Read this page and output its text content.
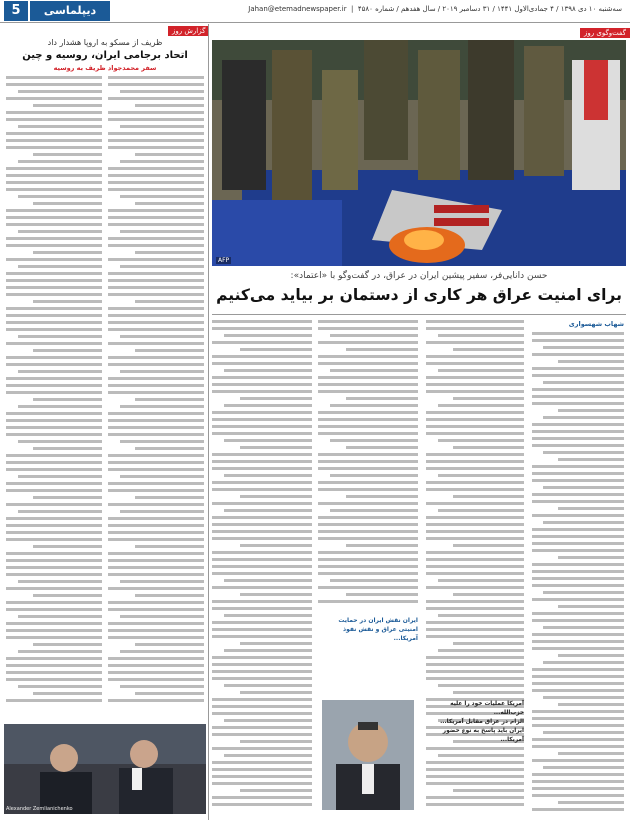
5	دیپلماسی	سه‌شنبه ۱۰ دی ۱۳۹۸ / ۴ جمادی‌الاول ۱۴۴۱ / ۳۱ دسامبر ۲۰۱۹ / سال هفدهم / شماره ۴۵۸۰  |  Jahan@etemadnewspaper.ir
گزارش روز
ظریف از مسکو به اروپا هشدار داد
اتحاد برجامی ایران، روسیه و چین
سفر محمدجواد ظریف به روسیه
Alexander Zemlianichenko
AFP
گفت‌وگوی روز
حسن دانایی‌فر، سفیر پیشین ایران در عراق، در گفت‌وگو با «اعتماد»:
برای امنیت عراق هر کاری از دستمان بر بیاید می‌کنیم
شهاب شهسواری
ایران نقش ایران در حمایت امنیتی عراق و نقش نفوذ آمریکا...
آمریکا عملیات خود را علیه حزب‌الله...
الزام در عراق مقابل آمریکا...
ایران باید پاسخ به نوع حضور آمریکا...
